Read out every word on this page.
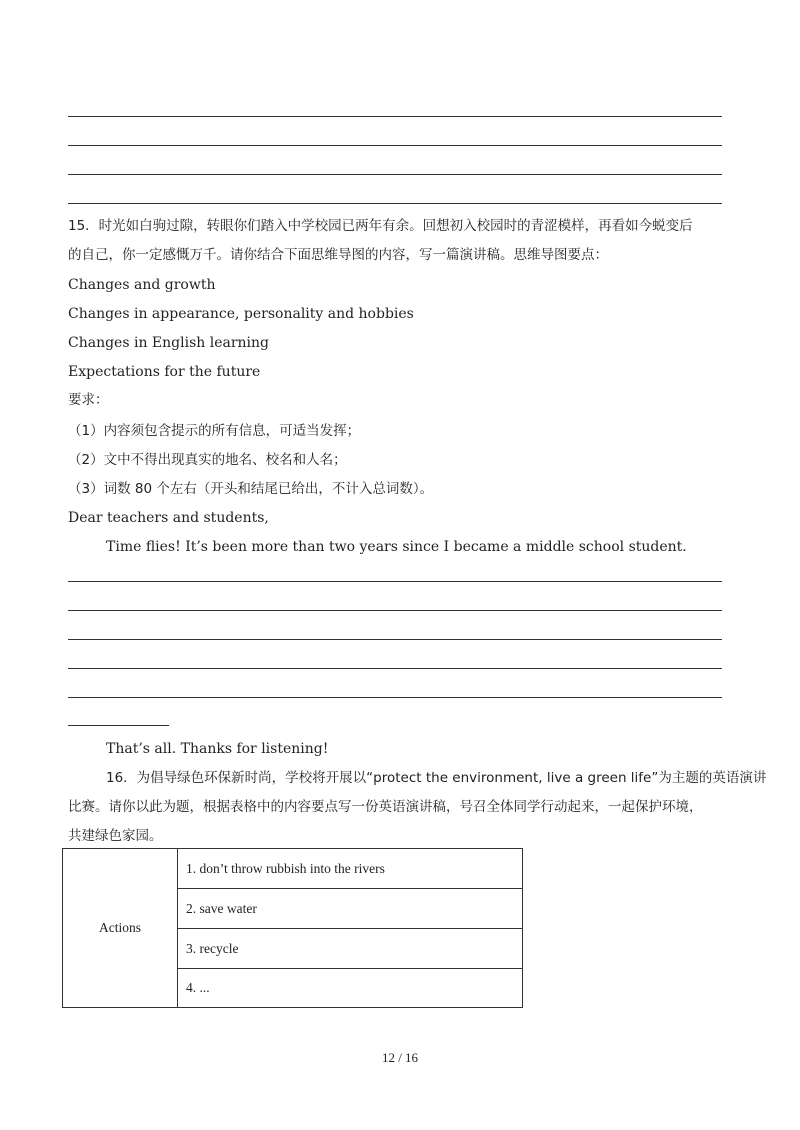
15．时光如白驹过隙，转眼你们踏入中学校园已两年有余。回想初入校园时的青涩模样，再看如今蜕变后
的自己，你一定感慨万千。请你结合下面思维导图的内容，写一篇演讲稿。思维导图要点：
Changes and growth
Changes in appearance, personality and hobbies
Changes in English learning
Expectations for the future
要求：
（1）内容须包含提示的所有信息，可适当发挥；
（2）文中不得出现真实的地名、校名和人名；
（3）词数 80 个左右（开头和结尾已给出，不计入总词数）。
Dear teachers and students,
Time flies! It’s been more than two years since I became a middle school student.
That’s all. Thanks for listening!
16．为倡导绿色环保新时尚，学校将开展以“protect the environment, live a green life”为主题的英语演讲
比赛。请你以此为题，根据表格中的内容要点写一份英语演讲稿，号召全体同学行动起来，一起保护环境，
共建绿色家园。
Actions	1. don’t throw rubbish into the rivers
2. save water
3. recycle
4. ...
12 / 16
